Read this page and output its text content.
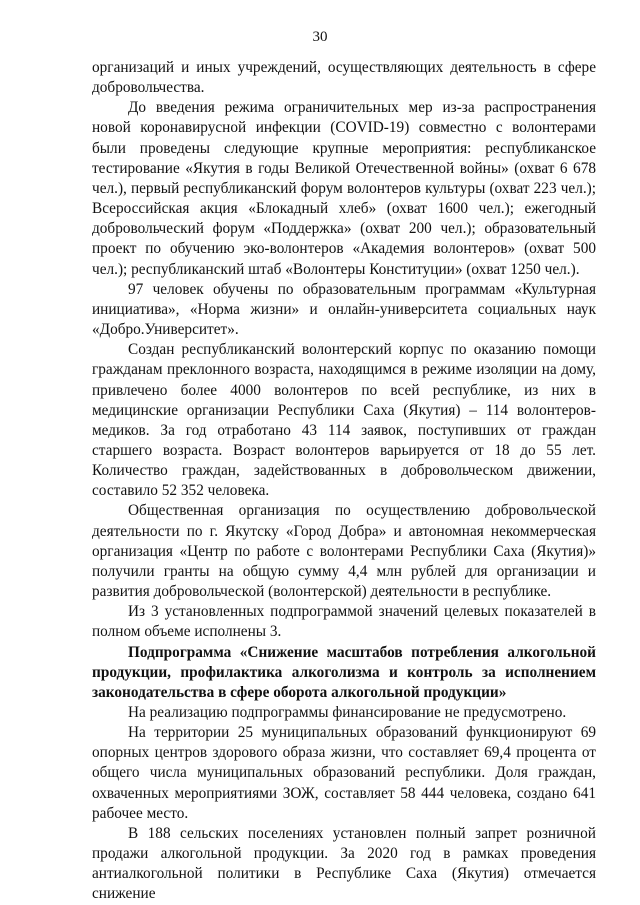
30

организаций и иных учреждений, осуществляющих деятельность в сфере добровольчества.

До введения режима ограничительных мер из-за распространения новой коронавирусной инфекции (COVID-19) совместно с волонтерами были проведены следующие крупные мероприятия: республиканское тестирование «Якутия в годы Великой Отечественной войны» (охват 6 678 чел.), первый республиканский форум волонтеров культуры (охват 223 чел.); Всероссийская акция «Блокадный хлеб» (охват 1600 чел.); ежегодный добровольческий форум «Поддержка» (охват 200 чел.); образовательный проект по обучению эко-волонтеров «Академия волонтеров» (охват 500 чел.); республиканский штаб «Волонтеры Конституции» (охват 1250 чел.).

97 человек обучены по образовательным программам «Культурная инициатива», «Норма жизни» и онлайн-университета социальных наук «Добро.Университет».

Создан республиканский волонтерский корпус по оказанию помощи гражданам преклонного возраста, находящимся в режиме изоляции на дому, привлечено более 4000 волонтеров по всей республике, из них в медицинские организации Республики Саха (Якутия) – 114 волонтеров-медиков. За год отработано 43 114 заявок, поступивших от граждан старшего возраста. Возраст волонтеров варьируется от 18 до 55 лет. Количество граждан, задействованных в добровольческом движении, составило 52 352 человека.

Общественная организация по осуществлению добровольческой деятельности по г. Якутску «Город Добра» и автономная некоммерческая организация «Центр по работе с волонтерами Республики Саха (Якутия)» получили гранты на общую сумму 4,4 млн рублей для организации и развития добровольческой (волонтерской) деятельности в республике.

Из 3 установленных подпрограммой значений целевых показателей в полном объеме исполнены 3.

Подпрограмма «Снижение масштабов потребления алкогольной продукции, профилактика алкоголизма и контроль за исполнением законодательства в сфере оборота алкогольной продукции»

На реализацию подпрограммы финансирование не предусмотрено.

На территории 25 муниципальных образований функционируют 69 опорных центров здорового образа жизни, что составляет 69,4 процента от общего числа муниципальных образований республики. Доля граждан, охваченных мероприятиями ЗОЖ, составляет 58 444 человека, создано 641 рабочее место.

В 188 сельских поселениях установлен полный запрет розничной продажи алкогольной продукции. За 2020 год в рамках проведения антиалкогольной политики в Республике Саха (Якутия) отмечается снижение
